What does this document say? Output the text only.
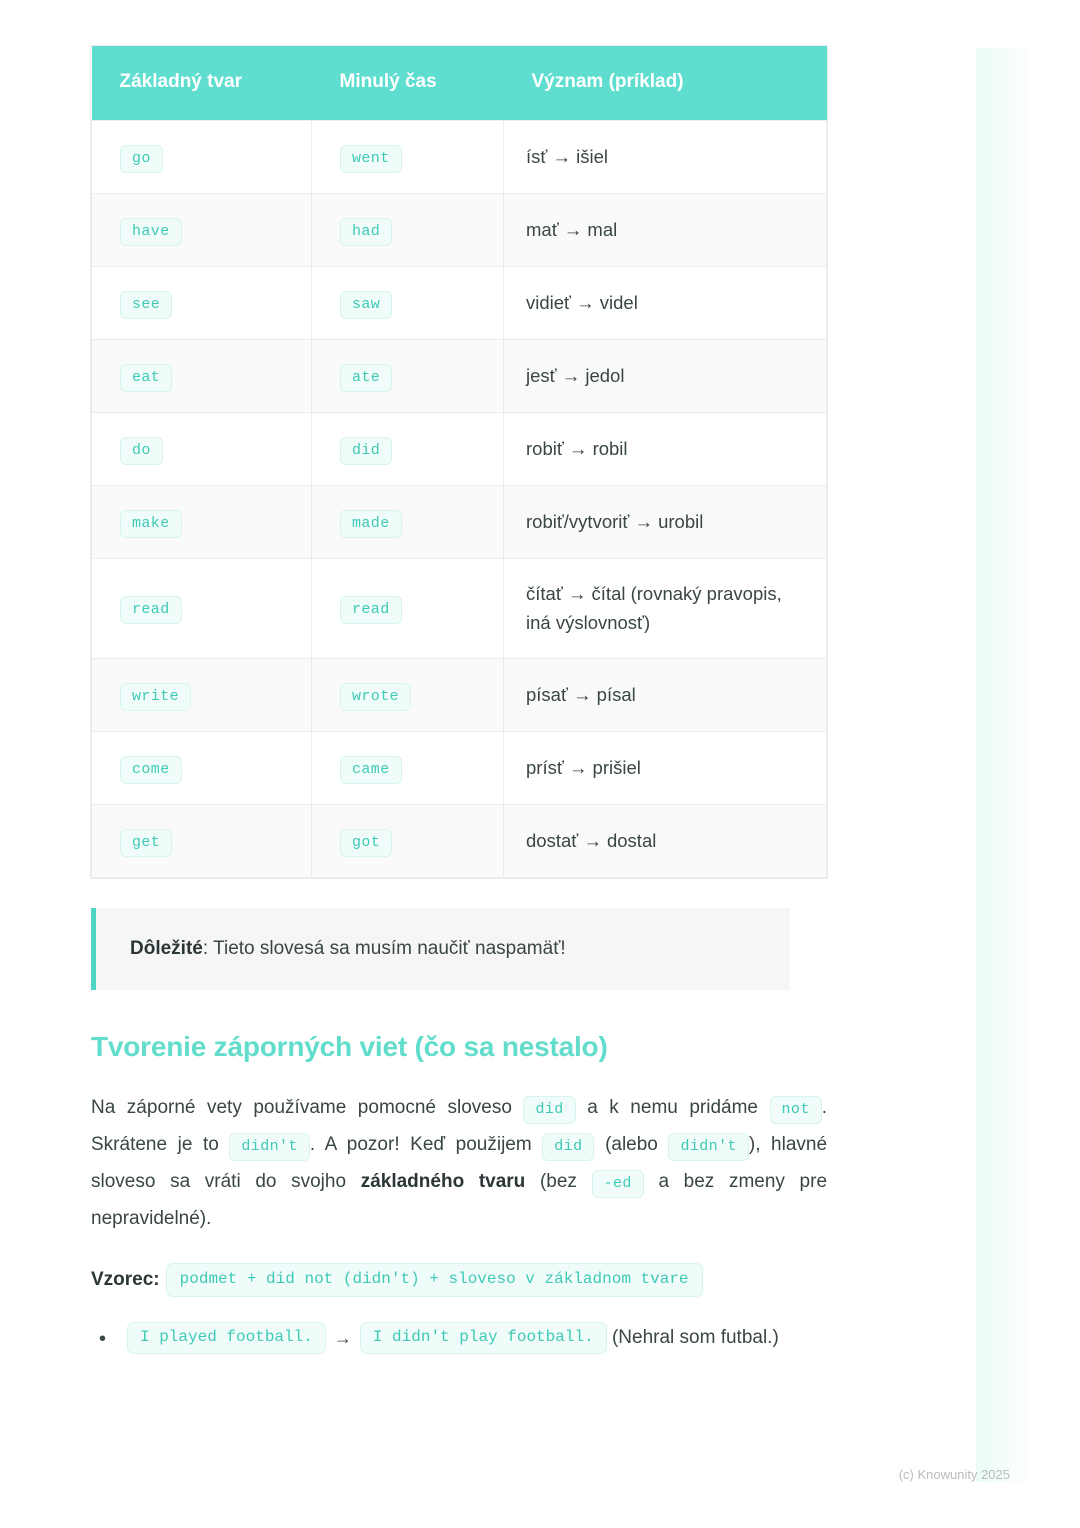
Základný tvar	Minulý čas	Význam (príklad)
go	went	ísť → išiel
have	had	mať → mal
see	saw	vidieť → videl
eat	ate	jesť → jedol
do	did	robiť → robil
make	made	robiť/vytvoriť → urobil
read	read	čítať → čítal (rovnaký pravopis, iná výslovnosť)
write	wrote	písať → písal
come	came	prísť → prišiel
get	got	dostať → dostal
Dôležité: Tieto slovesá sa musím naučiť naspamäť!
Tvorenie záporných viet (čo sa nestalo)

Na záporné vety používame pomocné sloveso did a k nemu pridáme not . Skrátene je to didn't . A pozor! Keď použijem did (alebo didn't ), hlavné sloveso sa vráti do svojho základného tvaru (bez -ed a bez zmeny pre nepravidelné).

Vzorec: podmet + did not (didn't) + sloveso v základnom tvare
• I played football. → I didn't play football. (Nehral som futbal.)
(c) Knowunity 2025
